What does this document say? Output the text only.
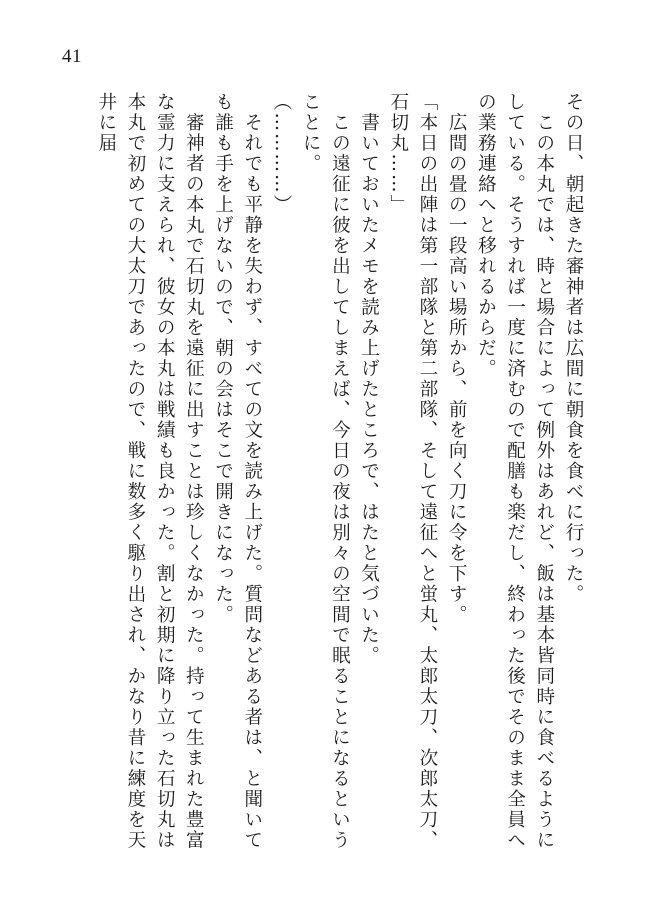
41

その日、朝起きた審神者は広間に朝食を食べに行った。

　この本丸では、時と場合によって例外はあれど、飯は基本皆同時に食べるようにしている。そうすれば一度に済むので配膳も楽だし、終わった後でそのまま全員への業務連絡へと移れるからだ。

　広間の畳の一段高い場所から、前を向く刀に令を下す。

「本日の出陣は第一部隊と第二部隊、そして遠征へと蛍丸、太郎太刀、次郎太刀、石切丸……」

　書いておいたメモを読み上げたところで、はたと気づいた。

　この遠征に彼を出してしまえば、今日の夜は別々の空間で眠ることになるということに。

（…………）

　それでも平静を失わず、すべての文を読み上げた。質問などある者は、と聞いても誰も手を上げないので、朝の会はそこで開きになった。

　審神者の本丸で石切丸を遠征に出すことは珍しくなかった。持って生まれた豊富な霊力に支えられ、彼女の本丸は戦績も良かった。割と初期に降り立った石切丸は本丸で初めての大太刀であったので、戦に数多く駆り出され、かなり昔に練度を天井に届
